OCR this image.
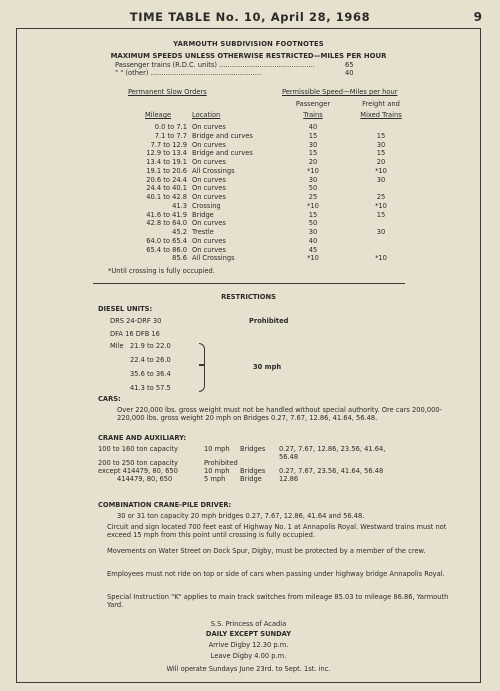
TIME TABLE No. 10, April 28, 1968	9
YARMOUTH SUBDIVISION FOOTNOTES
MAXIMUM SPEEDS UNLESS OTHERWISE RESTRICTED—MILES PER HOUR
Passenger trains (R.D.C. units) .............................................	65
" " (other) ....................................................	40
Permanent Slow Orders	Permissible Speed—Miles per hour
Passenger	Freight and
Mileage	Location	Trains	Mixed Trains
0.0 to 7.1 On curves	40
7.1 to 7.7 Bridge and curves	15	15
7.7 to 12.9 On curves	30	30
12.9 to 13.4 Bridge and curves	15	15
13.4 to 19.1 On curves	20	20
19.1 to 20.6 All Crossings	*10	*10
20.6 to 24.4 On curves	30	30
24.4 to 40.1 On curves	50
40.1 to 42.8 On curves	25	25
41.3 Crossing	*10	*10
41.6 to 41.9 Bridge	15	15
42.8 to 64.0 On curves	50
45.2 Trestle	30	30
64.0 to 65.4 On curves	40
65.4 to 86.0 On curves	45
85.6 All Crossings	*10	*10
*Until crossing is fully occupied.
RESTRICTIONS
DIESEL UNITS:
DRS 24-DRF 30	Prohibited
DFA 16 DFB 16
Mile 21.9 to 22.0
22.4 to 26.0
35.6 to 36.4
41.3 to 57.5
30 mph
CARS:
Over 220,000 lbs. gross weight must not be handled without special authority. Ore cars 200,000-220,000 lbs. gross weight 20 mph on Bridges 0.27, 7.67, 12.86, 41.64, 56.48.
CRANE AND AUXILIARY:
100 to 160 ton capacity	10 mph Bridges 0.27, 7.67, 12.86, 23.56, 41.64,
56.48
200 to 250 ton capacity	Prohibited
except 414479, 80, 650	10 mph Bridges 0.27, 7.67, 23.56, 41.64, 56.48
414479, 80, 650	5 mph Bridge	12.86
COMBINATION CRANE-PILE DRIVER:
30 or 31 ton capacity 20 mph bridges 0.27, 7.67, 12.86, 41.64 and 56.48.
Circuit and sign located 700 feet east of Highway No. 1 at Annapolis Royal. Westward trains must not exceed 15 mph from this point until crossing is fully occupied.
Movements on Water Street on Dock Spur, Digby, must be protected by a member of the crew.
Employees must not ride on top or side of cars when passing under highway bridge Annapolis Royal.
Special Instruction "K" applies to main track switches from mileage 85.03 to mileage 86.86, Yarmouth Yard.
S.S. Princess of Acadia
DAILY EXCEPT SUNDAY
Arrive Digby 12.30 p.m.
Leave Digby 4.00 p.m.
Will operate Sundays June 23rd. to Sept. 1st. inc.
